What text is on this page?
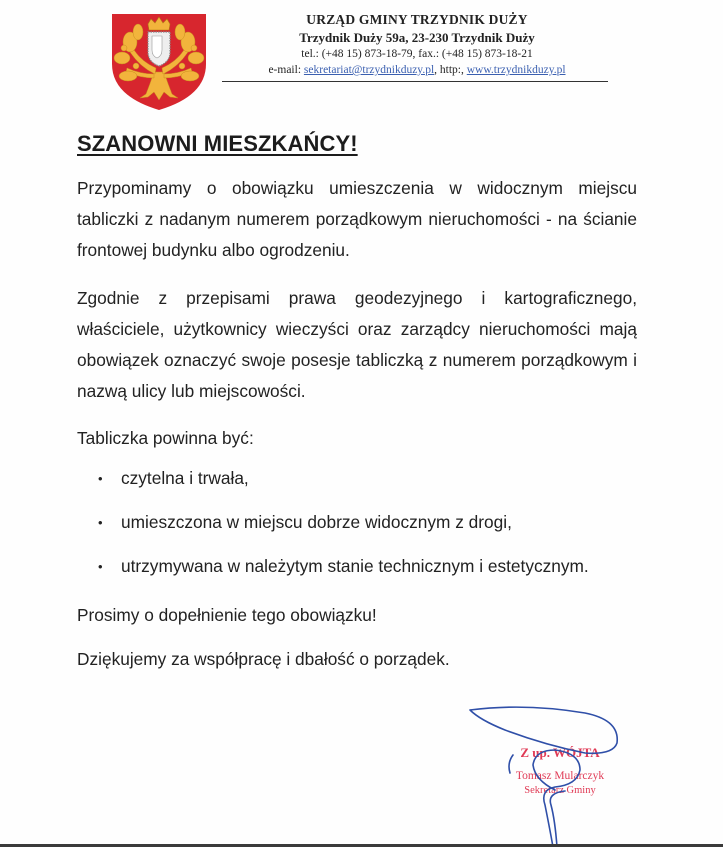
URZĄD GMINY TRZYDNIK DUŻY
Trzydnik Duży 59a, 23-230 Trzydnik Duży
tel.: (+48 15) 873-18-79, fax.: (+48 15) 873-18-21
e-mail: sekretariat@trzydnikduzy.pl, http:, www.trzydnikduzy.pl
SZANOWNI MIESZKAŃCY!

Przypominamy o obowiązku umieszczenia w widocznym miejscu tabliczki z nadanym numerem porządkowym nieruchomości - na ścianie frontowej budynku albo ogrodzeniu.

Zgodnie z przepisami prawa geodezyjnego i kartograficznego, właściciele, użytkownicy wieczyści oraz zarządcy nieruchomości mają obowiązek oznaczyć swoje posesje tabliczką z numerem porządkowym i nazwą ulicy lub miejscowości.

Tabliczka powinna być:

• czytelna i trwała,
• umieszczona w miejscu dobrze widocznym z drogi,
• utrzymywana w należytym stanie technicznym i estetycznym.

Prosimy o dopełnienie tego obowiązku!

Dziękujemy za współpracę i dbałość o porządek.

Z up. WÓJTA
Tomasz Mularczyk
Sekretarz Gminy
